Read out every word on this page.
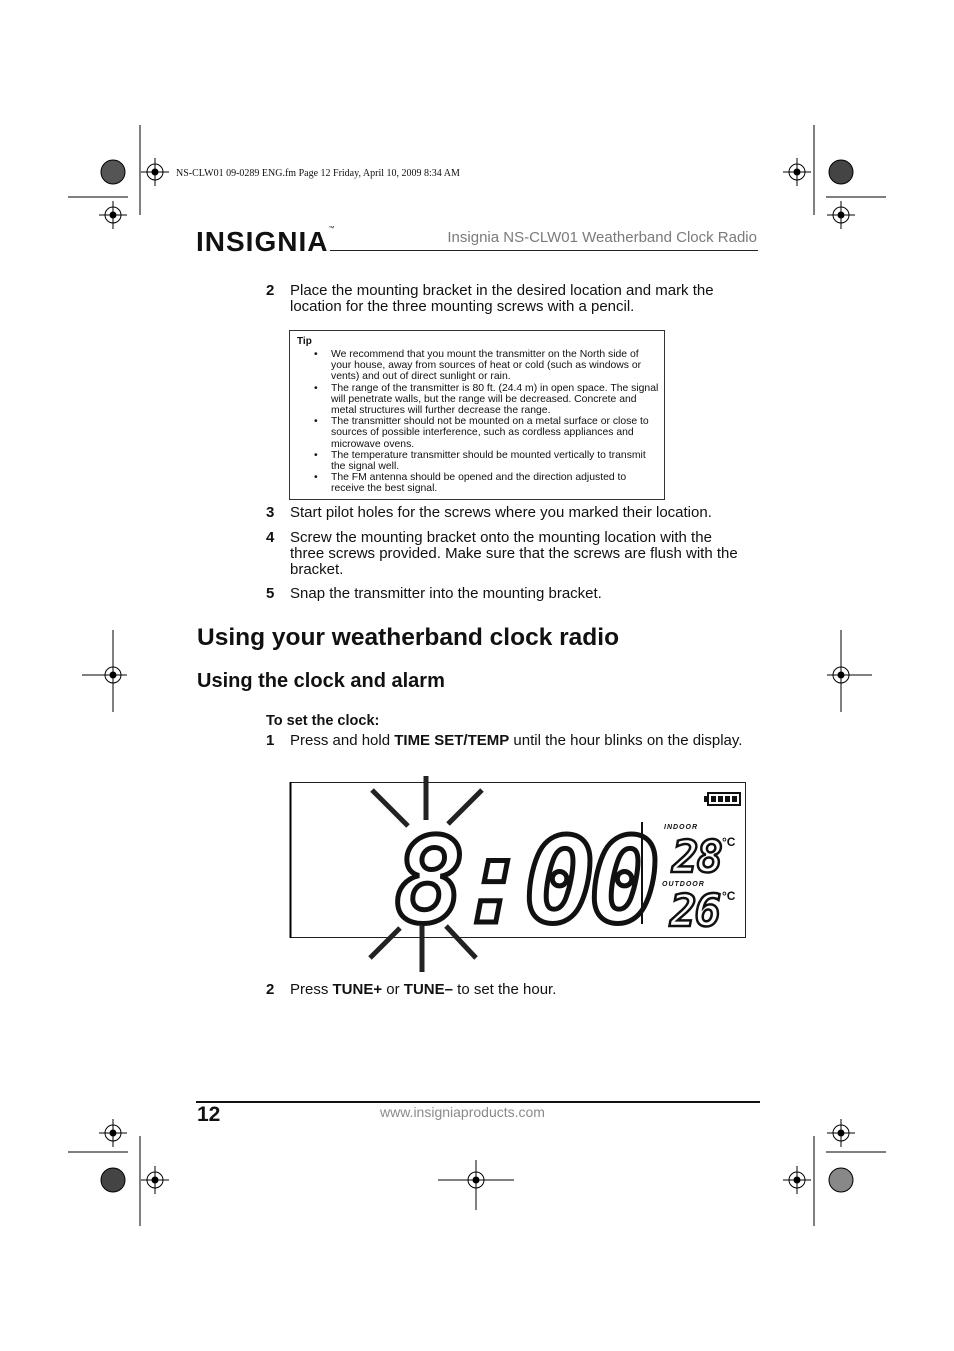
NS-CLW01 09-0289 ENG.fm Page 12 Friday, April 10, 2009 8:34 AM
INSIGNIA™	Insignia NS-CLW01 Weatherband Clock Radio
2 Place the mounting bracket in the desired location and mark the location for the three mounting screws with a pencil.
Tip
• We recommend that you mount the transmitter on the North side of your house, away from sources of heat or cold (such as windows or vents) and out of direct sunlight or rain.
• The range of the transmitter is 80 ft. (24.4 m) in open space. The signal will penetrate walls, but the range will be decreased. Concrete and metal structures will further decrease the range.
• The transmitter should not be mounted on a metal surface or close to sources of possible interference, such as cordless appliances and microwave ovens.
• The temperature transmitter should be mounted vertically to transmit the signal well.
• The FM antenna should be opened and the direction adjusted to receive the best signal.
3 Start pilot holes for the screws where you marked their location.
4 Screw the mounting bracket onto the mounting location with the three screws provided. Make sure that the screws are flush with the bracket.
5 Snap the transmitter into the mounting bracket.
Using your weatherband clock radio
Using the clock and alarm
To set the clock:
1 Press and hold TIME SET/TEMP until the hour blinks on the display.
8:00 INDOOR
28 °C
OUTDOOR
26 °C
2 Press TUNE+ or TUNE– to set the hour.
12	www.insigniaproducts.com
